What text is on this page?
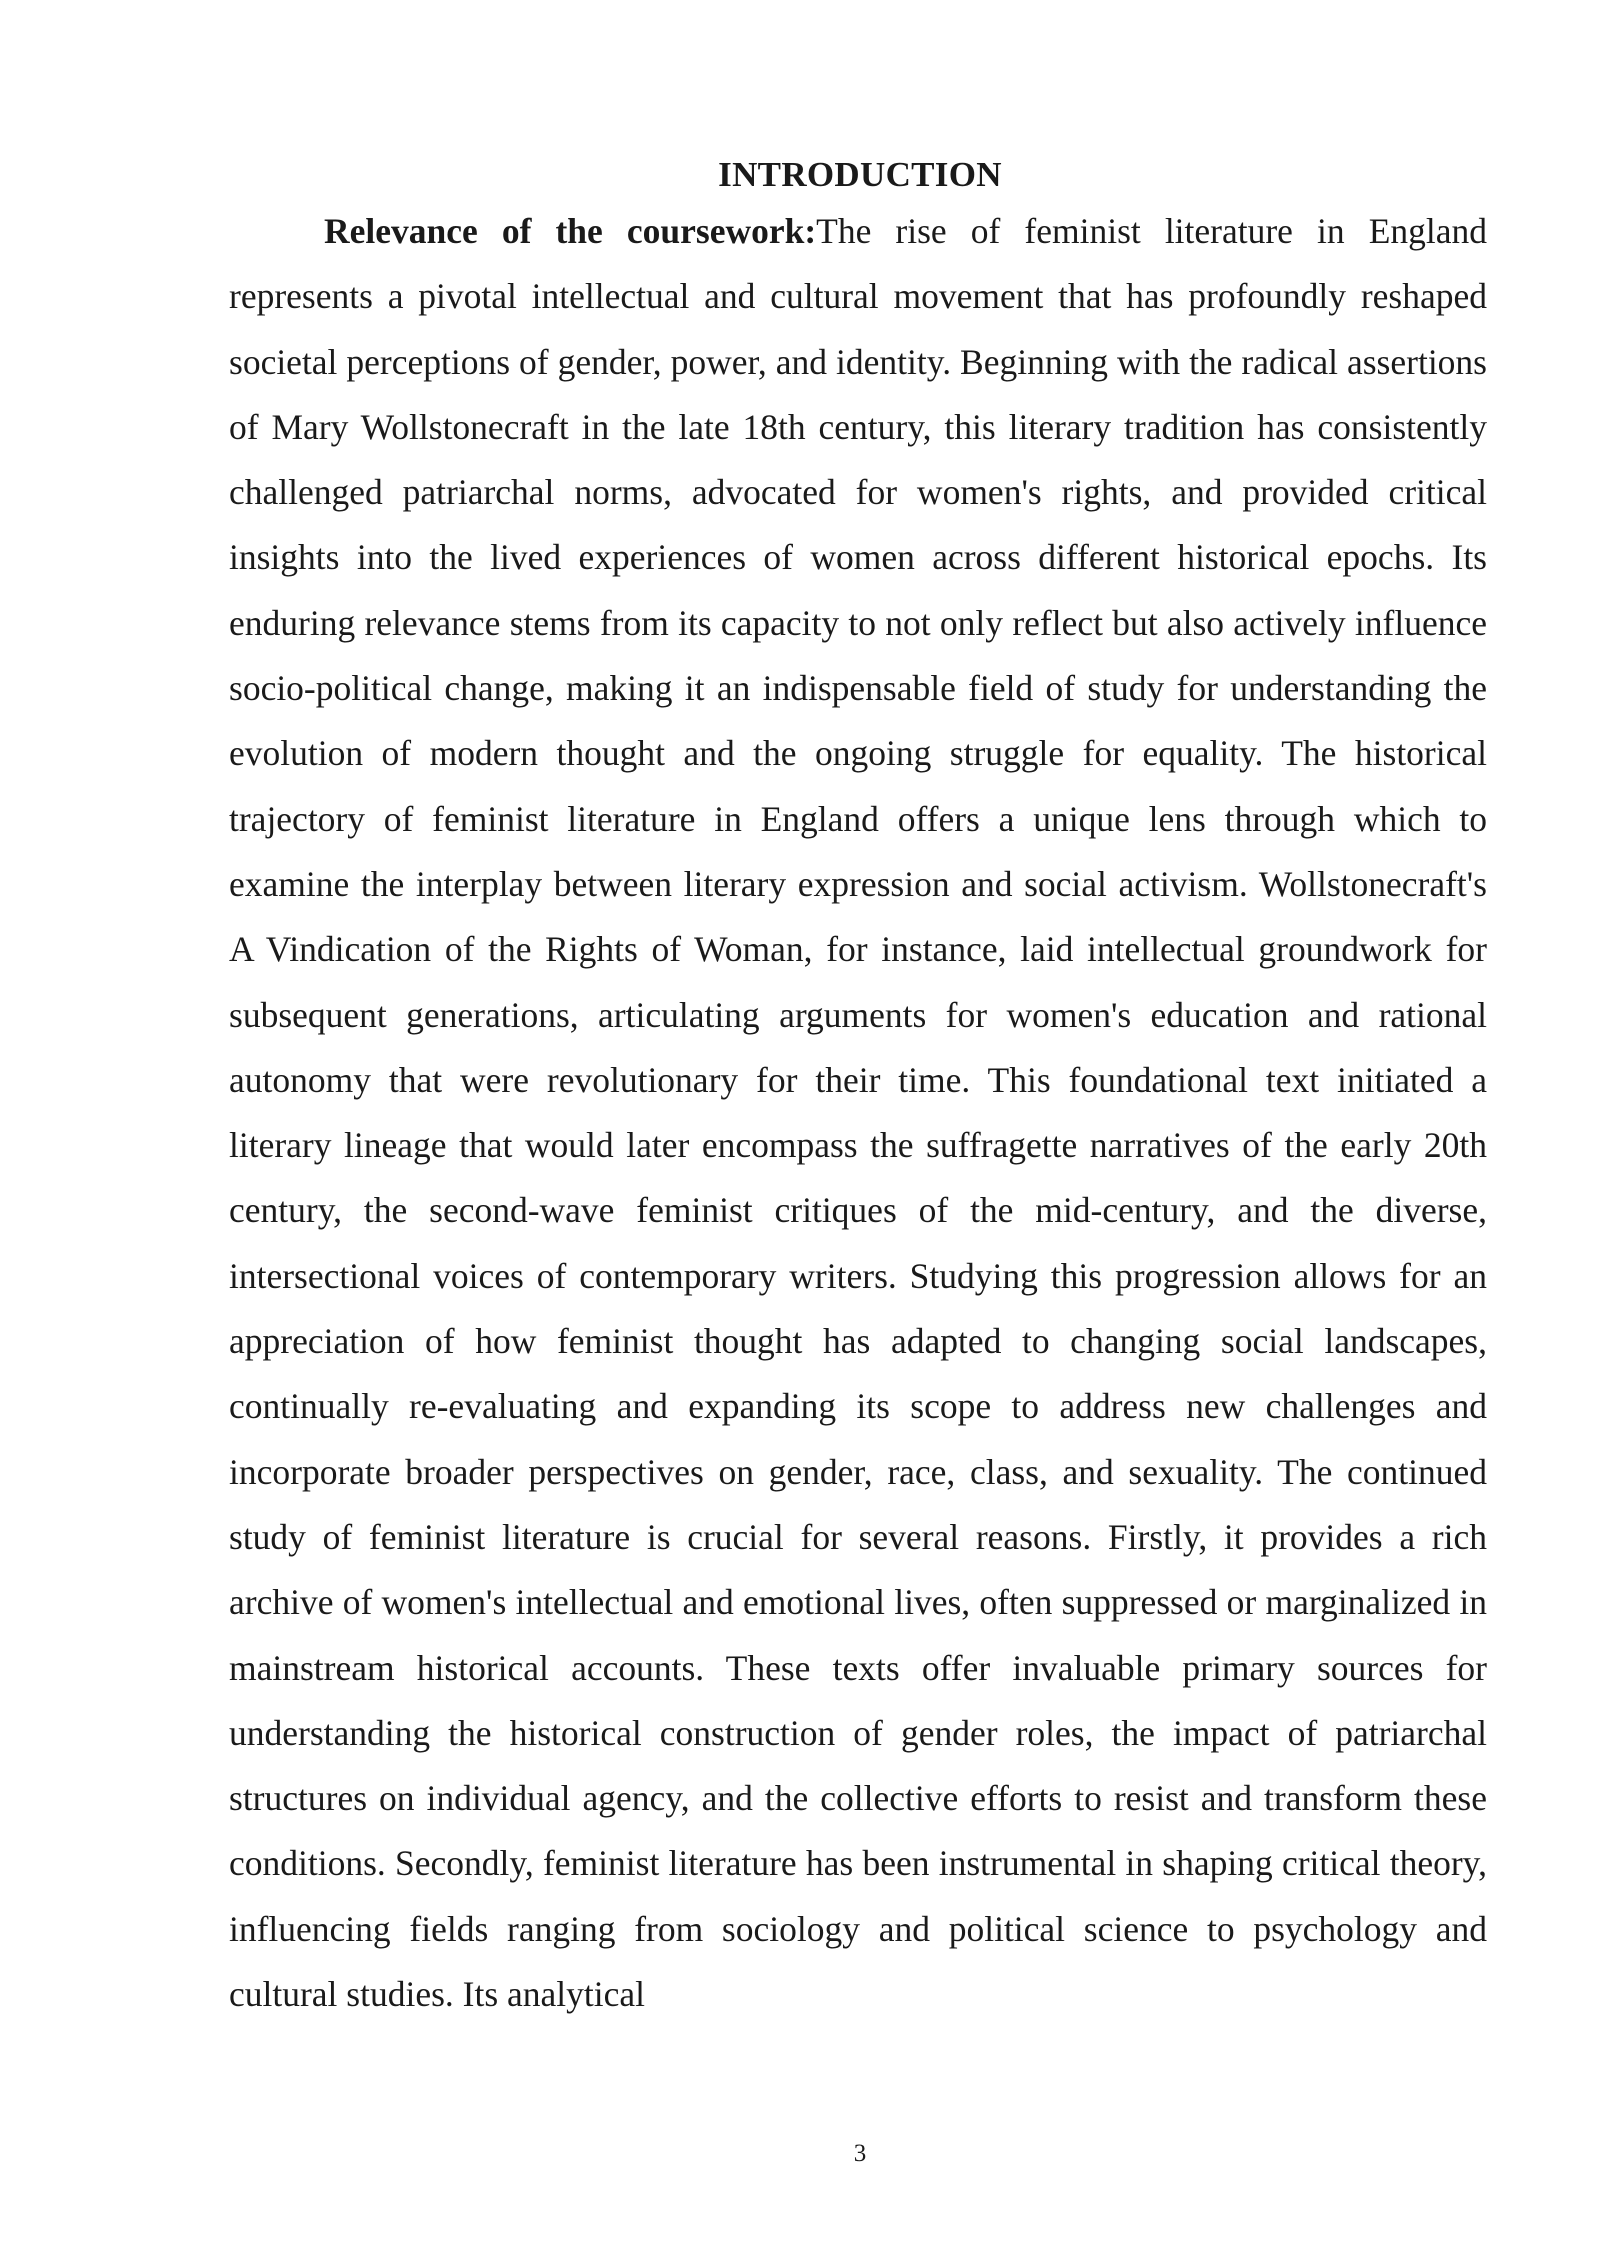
INTRODUCTION

Relevance of the coursework:The rise of feminist literature in England represents a pivotal intellectual and cultural movement that has profoundly reshaped societal perceptions of gender, power, and identity. Beginning with the radical assertions of Mary Wollstonecraft in the late 18th century, this literary tradition has consistently challenged patriarchal norms, advocated for women's rights, and provided critical insights into the lived experiences of women across different historical epochs. Its enduring relevance stems from its capacity to not only reflect but also actively influence socio-political change, making it an indispensable field of study for understanding the evolution of modern thought and the ongoing struggle for equality. The historical trajectory of feminist literature in England offers a unique lens through which to examine the interplay between literary expression and social activism. Wollstonecraft's A Vindication of the Rights of Woman, for instance, laid intellectual groundwork for subsequent generations, articulating arguments for women's education and rational autonomy that were revolutionary for their time. This foundational text initiated a literary lineage that would later encompass the suffragette narratives of the early 20th century, the second-wave feminist critiques of the mid-century, and the diverse, intersectional voices of contemporary writers. Studying this progression allows for an appreciation of how feminist thought has adapted to changing social landscapes, continually re-evaluating and expanding its scope to address new challenges and incorporate broader perspectives on gender, race, class, and sexuality. The continued study of feminist literature is crucial for several reasons. Firstly, it provides a rich archive of women's intellectual and emotional lives, often suppressed or marginalized in mainstream historical accounts. These texts offer invaluable primary sources for understanding the historical construction of gender roles, the impact of patriarchal structures on individual agency, and the collective efforts to resist and transform these conditions. Secondly, feminist literature has been instrumental in shaping critical theory, influencing fields ranging from sociology and political science to psychology and cultural studies. Its analytical

3
